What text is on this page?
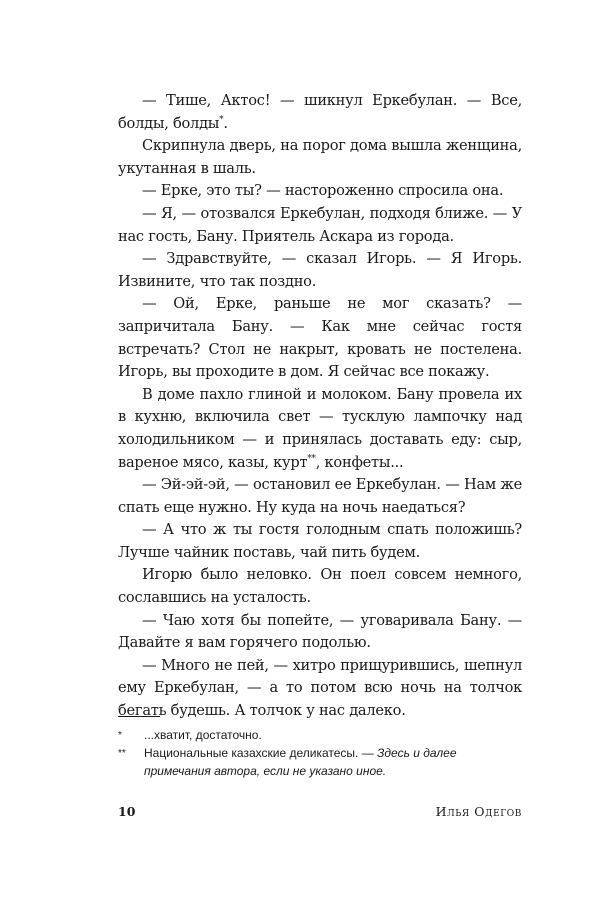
— Тише, Актос! — шикнул Еркебулан. — Все, болды, болды*.

Скрипнула дверь, на порог дома вышла женщина, укутанная в шаль.

— Ерке, это ты? — настороженно спросила она.

— Я, — отозвался Еркебулан, подходя ближе. — У нас гость, Бану. Приятель Аскара из города.

— Здравствуйте, — сказал Игорь. — Я Игорь. Извините, что так поздно.

— Ой, Ерке, раньше не мог сказать? — запричитала Бану. — Как мне сейчас гостя встречать? Стол не накрыт, кровать не постелена. Игорь, вы проходите в дом. Я сейчас все покажу.

В доме пахло глиной и молоком. Бану провела их в кухню, включила свет — тусклую лампочку над холодильником — и принялась доставать еду: сыр, вареное мясо, казы, курт**, конфеты...

— Эй-эй-эй, — остановил ее Еркебулан. — Нам же спать еще нужно. Ну куда на ночь наедаться?

— А что ж ты гостя голодным спать положишь? Лучше чайник поставь, чай пить будем.

Игорю было неловко. Он поел совсем немного, сославшись на усталость.

— Чаю хотя бы попейте, — уговаривала Бану. — Давайте я вам горячего подолью.

— Много не пей, — хитро прищурившись, шепнул ему Еркебулан, — а то потом всю ночь на толчок бегать будешь. А толчок у нас далеко.

*	...хватит, достаточно.
**	Национальные казахские деликатесы. — Здесь и далее примечания автора, если не указано иное.
10	Илья Одегов
